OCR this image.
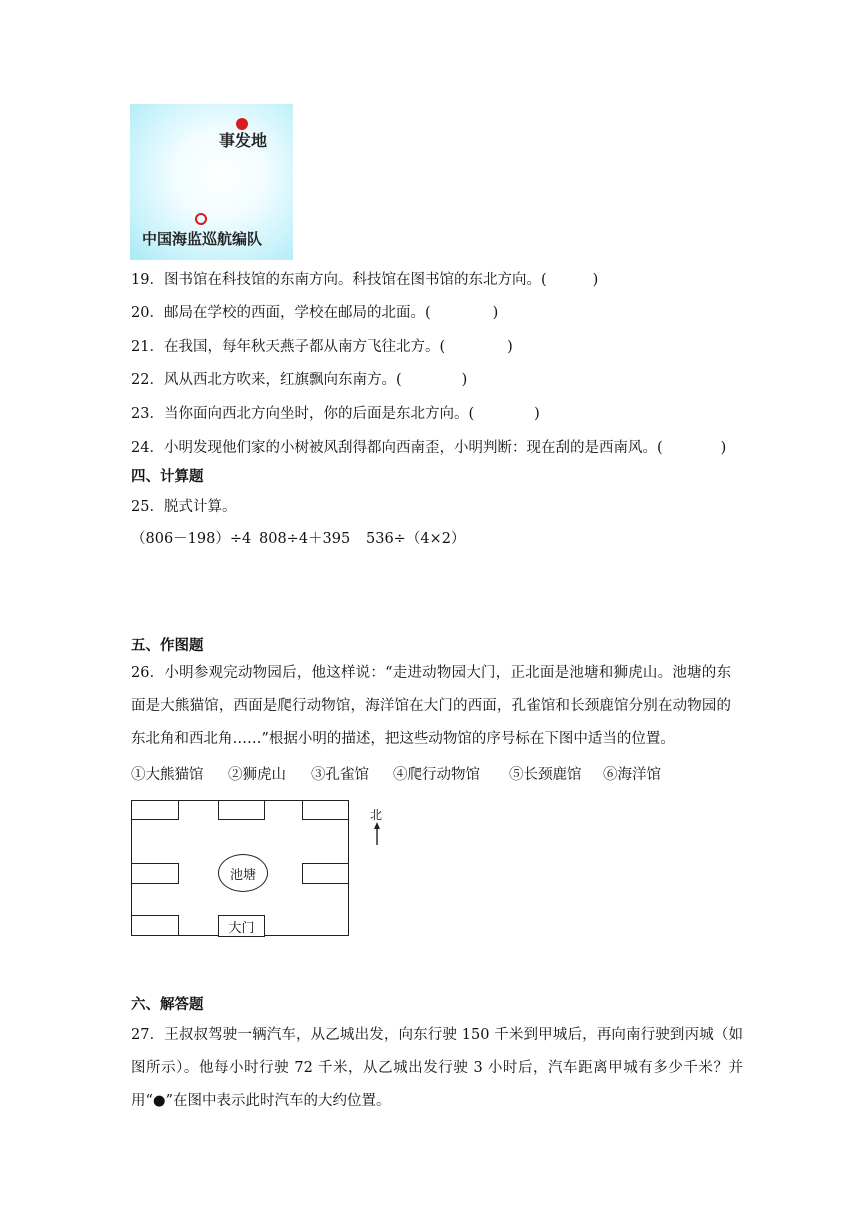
事发地
中国海监巡航编队
19．图书馆在科技馆的东南方向。科技馆在图书馆的东北方向。(	)
20．邮局在学校的西面，学校在邮局的北面。(	)
21．在我国，每年秋天燕子都从南方飞往北方。(	)
22．风从西北方吹来，红旗飘向东南方。(	)
23．当你面向西北方向坐时，你的后面是东北方向。(	)
24．小明发现他们家的小树被风刮得都向西南歪，小明判断：现在刮的是西南风。(	)
四、计算题
25．脱式计算。
（806－198）÷4 808÷4＋395 536÷（4×2）
五、作图题
26．小明参观完动物园后，他这样说：“走进动物园大门，正北面是池塘和狮虎山。池塘的东面是大熊猫馆，西面是爬行动物馆，海洋馆在大门的西面，孔雀馆和长颈鹿馆分别在动物园的东北角和西北角……”根据小明的描述，把这些动物馆的序号标在下图中适当的位置。
①大熊猫馆 ②狮虎山 ③孔雀馆 ④爬行动物馆 ⑤长颈鹿馆 ⑥海洋馆
池塘
大门
北
六、解答题
27．王叔叔驾驶一辆汽车，从乙城出发，向东行驶 150 千米到甲城后，再向南行驶到丙城（如图所示）。他每小时行驶 72 千米，从乙城出发行驶 3 小时后，汽车距离甲城有多少千米？并用“●”在图中表示此时汽车的大约位置。
